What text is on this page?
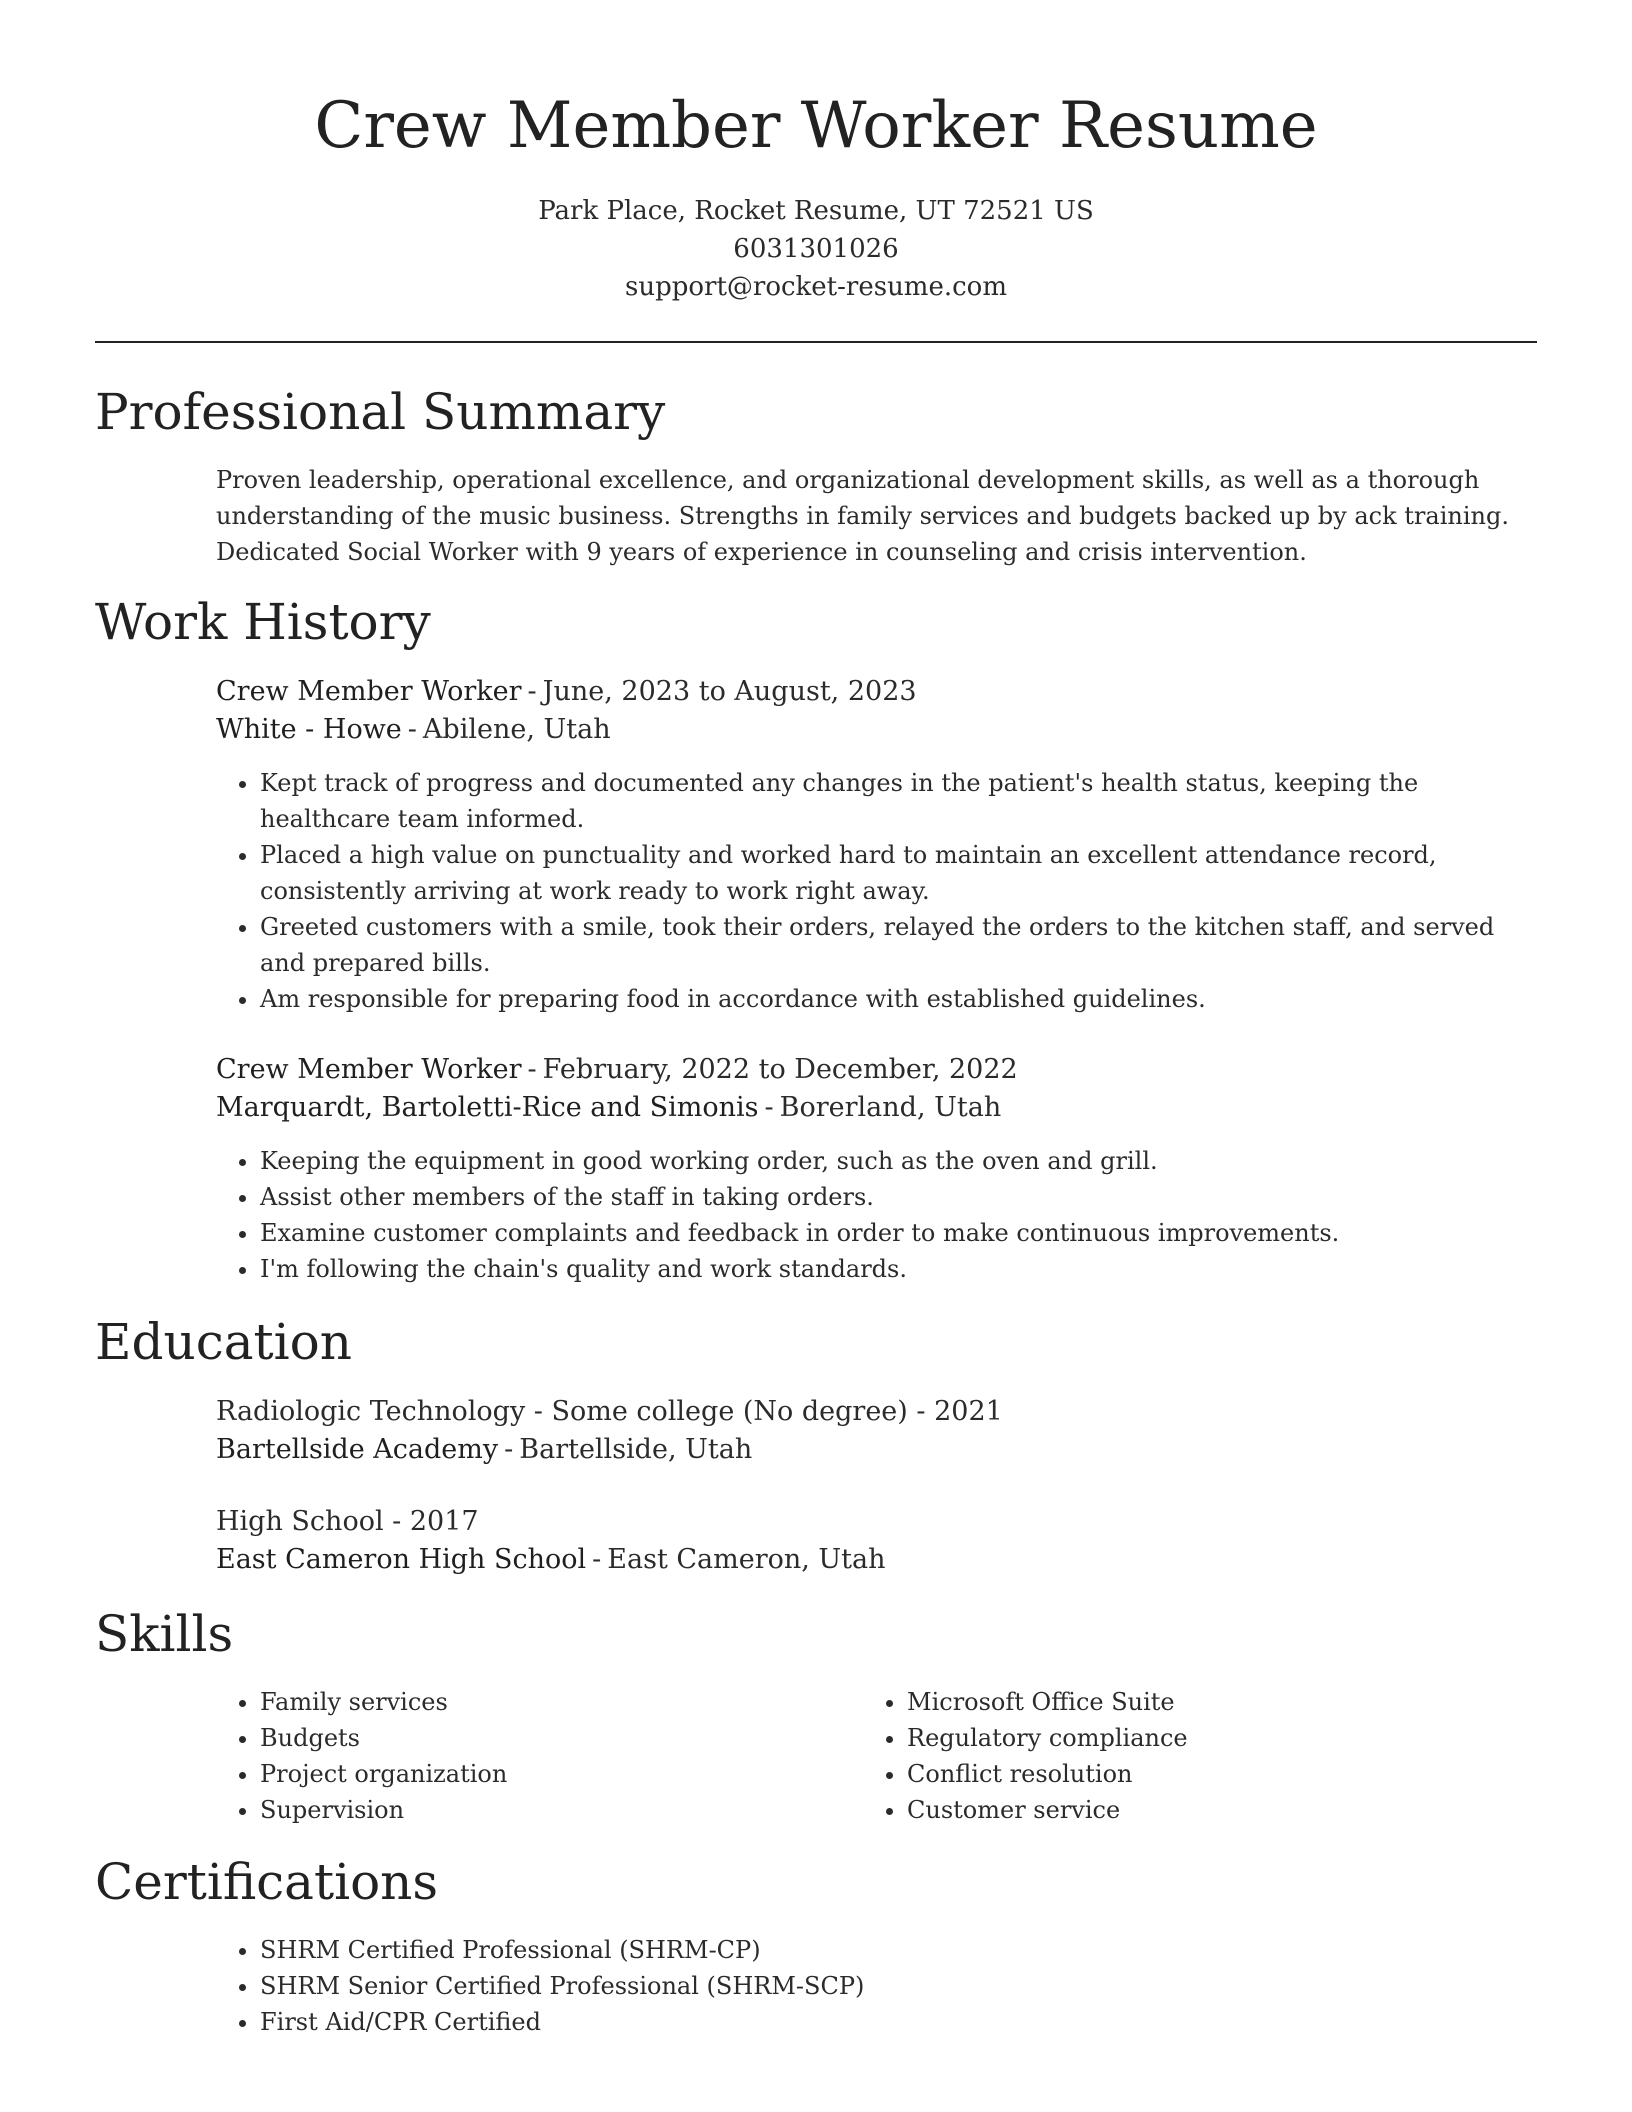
Crew Member Worker Resume
Park Place, Rocket Resume, UT 72521 US
6031301026
support@rocket-resume.com
Professional Summary
Proven leadership, operational excellence, and organizational development skills, as well as a thorough understanding of the music business. Strengths in family services and budgets backed up by ack training. Dedicated Social Worker with 9 years of experience in counseling and crisis intervention.
Work History
Crew Member Worker - June, 2023 to August, 2023
White - Howe - Abilene, Utah
• Kept track of progress and documented any changes in the patient's health status, keeping the healthcare team informed.
• Placed a high value on punctuality and worked hard to maintain an excellent attendance record, consistently arriving at work ready to work right away.
• Greeted customers with a smile, took their orders, relayed the orders to the kitchen staff, and served and prepared bills.
• Am responsible for preparing food in accordance with established guidelines.
Crew Member Worker - February, 2022 to December, 2022
Marquardt, Bartoletti-Rice and Simonis - Borerland, Utah
• Keeping the equipment in good working order, such as the oven and grill.
• Assist other members of the staff in taking orders.
• Examine customer complaints and feedback in order to make continuous improvements.
• I'm following the chain's quality and work standards.
Education
Radiologic Technology - Some college (No degree) - 2021
Bartellside Academy - Bartellside, Utah
High School - 2017
East Cameron High School - East Cameron, Utah
Skills
• Family services
• Budgets
• Project organization
• Supervision
• Microsoft Office Suite
• Regulatory compliance
• Conflict resolution
• Customer service
Certifications
• SHRM Certified Professional (SHRM-CP)
• SHRM Senior Certified Professional (SHRM-SCP)
• First Aid/CPR Certified
